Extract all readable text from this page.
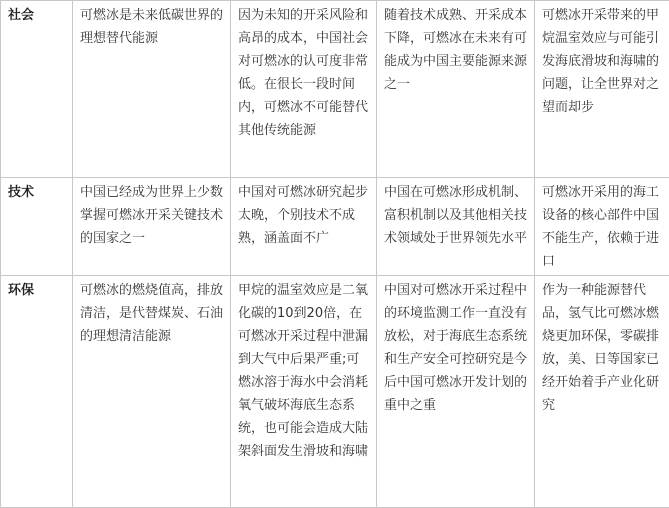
社会	可燃冰是未来低碳世界的理想替代能源	因为未知的开采风险和高昂的成本，中国社会对可燃冰的认可度非常低。在很长一段时间内，可燃冰不可能替代其他传统能源	随着技术成熟、开采成本下降，可燃冰在未来有可能成为中国主要能源来源之一	可燃冰开采带来的甲烷温室效应与可能引发海底滑坡和海啸的问题，让全世界对之望而却步
技术	中国已经成为世界上少数掌握可燃冰开采关键技术的国家之一	中国对可燃冰研究起步太晚，个别技术不成熟，涵盖面不广	中国在可燃冰形成机制、富积机制以及其他相关技术领域处于世界领先水平	可燃冰开采用的海工设备的核心部件中国不能生产，依赖于进口
环保	可燃冰的燃烧值高，排放清洁，是代替煤炭、石油的理想清洁能源	甲烷的温室效应是二氧化碳的10到20倍，在可燃冰开采过程中泄漏到大气中后果严重;可燃冰溶于海水中会消耗氧气破坏海底生态系统，也可能会造成大陆架斜面发生滑坡和海啸	中国对可燃冰开采过程中的环境监测工作一直没有放松，对于海底生态系统和生产安全可控研究是今后中国可燃冰开发计划的重中之重	作为一种能源替代品，氢气比可燃冰燃烧更加环保，零碳排放，美、日等国家已经开始着手产业化研究
